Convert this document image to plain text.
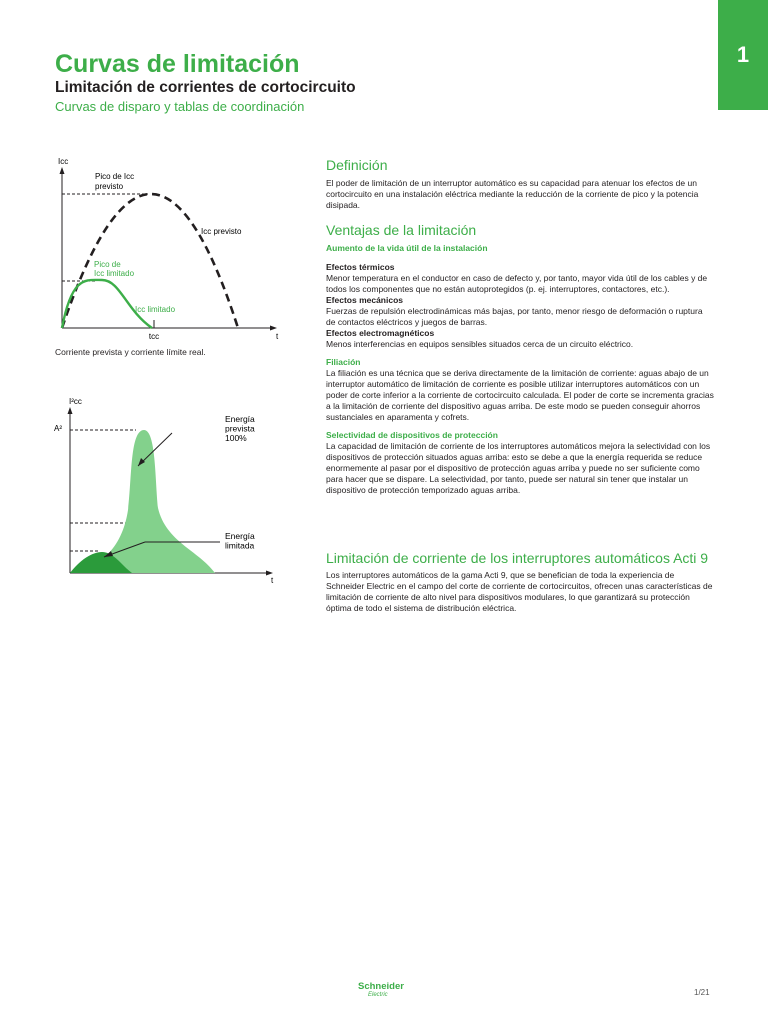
1
Curvas de limitación
Limitación de corrientes de cortocircuito
Curvas de disparo y tablas de coordinación
Icc
t
tcc
Pico de Icc previsto
Icc previsto
Pico de Icc limitado
Icc limitado
Corriente prevista y corriente límite real.
I²cc
A²
t
Energía prevista 100%
Energía limitada
Definición

El poder de limitación de un interruptor automático es su capacidad para atenuar los efectos de un cortocircuito en una instalación eléctrica mediante la reducción de la corriente de pico y la potencia disipada.

Ventajas de la limitación

Aumento de la vida útil de la instalación

Efectos térmicos

Menor temperatura en el conductor en caso de defecto y, por tanto, mayor vida útil de los cables y de todos los componentes que no están autoprotegidos (p. ej. interruptores, contactores, etc.).

Efectos mecánicos

Fuerzas de repulsión electrodinámicas más bajas, por tanto, menor riesgo de deformación o ruptura de contactos eléctricos y juegos de barras.

Efectos electromagnéticos

Menos interferencias en equipos sensibles situados cerca de un circuito eléctrico.

Filiación

La filiación es una técnica que se deriva directamente de la limitación de corriente: aguas abajo de un interruptor automático de limitación de corriente es posible utilizar interruptores automáticos con un poder de corte inferior a la corriente de cortocircuito calculada. El poder de corte se incrementa gracias a la limitación de corriente del dispositivo aguas arriba. De este modo se pueden conseguir ahorros sustanciales en aparamenta y cofrets.

Selectividad de dispositivos de protección

La capacidad de limitación de corriente de los interruptores automáticos mejora la selectividad con los dispositivos de protección situados aguas arriba: esto se debe a que la energía requerida se reduce enormemente al pasar por el dispositivo de protección aguas arriba y puede no ser suficiente como para hacer que se dispare. La selectividad, por tanto, puede ser natural sin tener que instalar un dispositivo de protección temporizado aguas arriba.

Limitación de corriente de los interruptores automáticos Acti 9

Los interruptores automáticos de la gama Acti 9, que se benefician de toda la experiencia de Schneider Electric en el campo del corte de corriente de cortocircuitos, ofrecen unas características de limitación de corriente de alto nivel para dispositivos modulares, lo que garantizará su protección óptima de todo el sistema de distribución eléctrica.

Schneider
Electric	1/21
